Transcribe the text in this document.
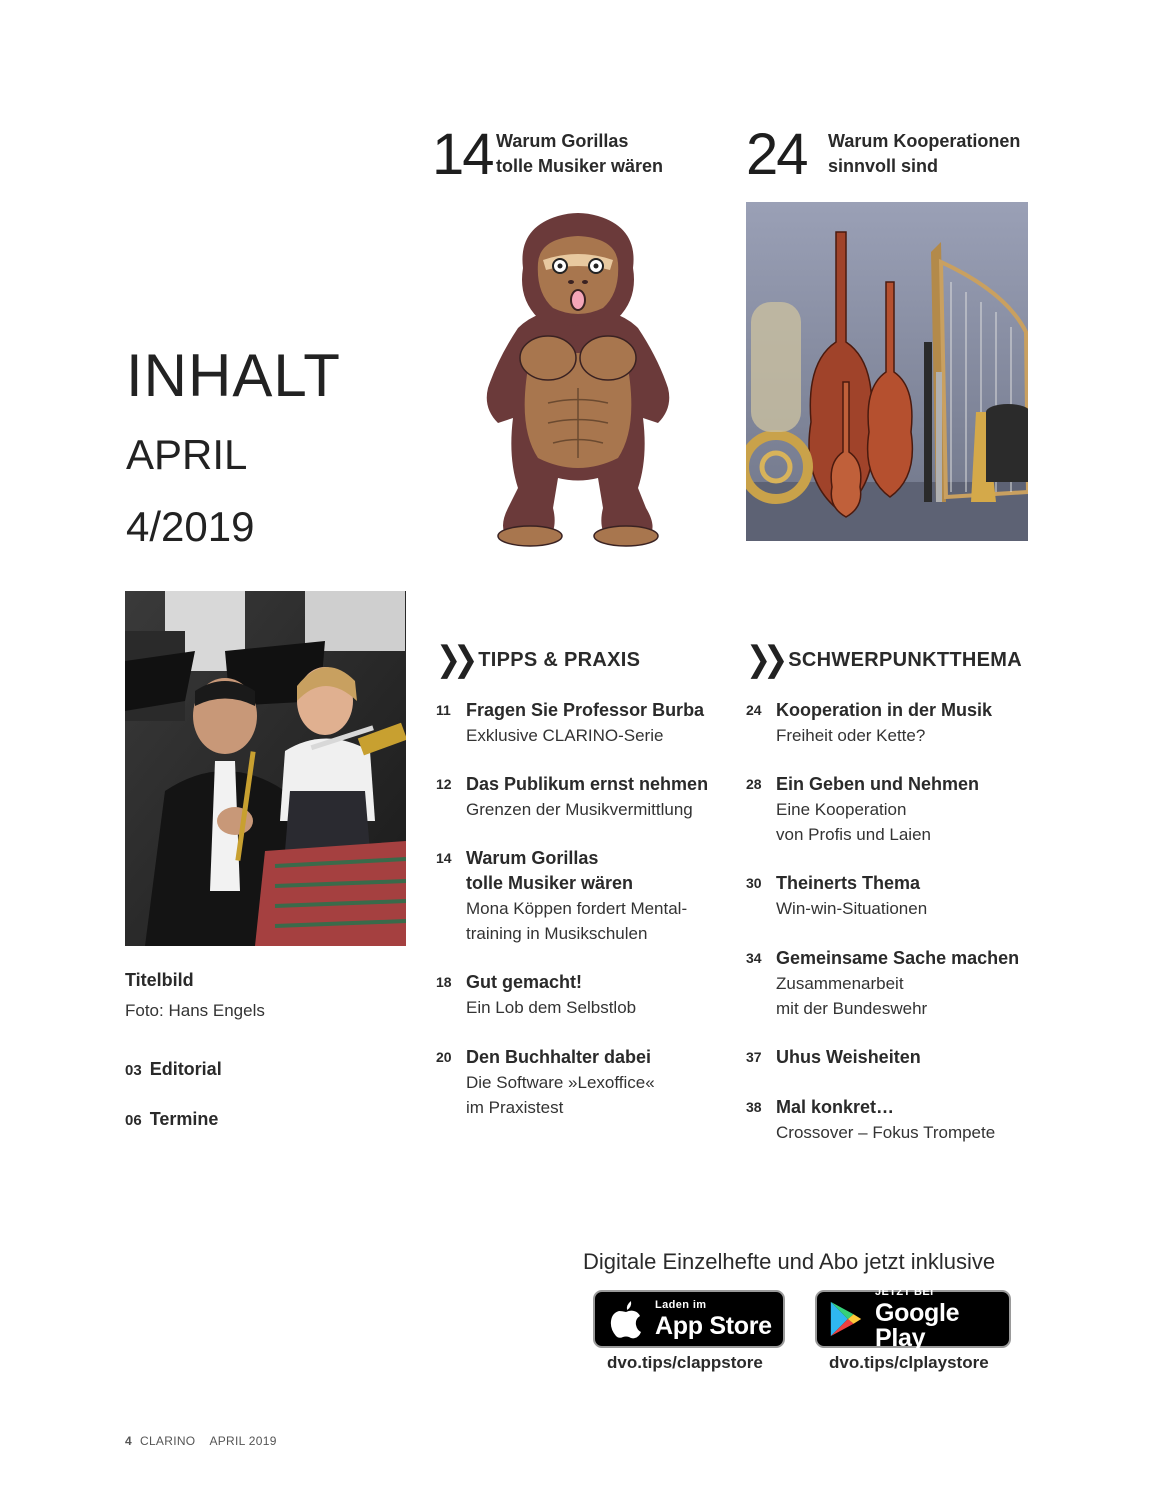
14 Warum Gorillas
tolle Musiker wären 24 Warum Kooperationen
sinnvoll sind
INHALT
APRIL
4/2019
Titelbild
Foto: Hans Engels
03 Editorial
06 Termine
❯❯ TIPPS & PRAXIS
11 Fragen Sie Professor Burba
Exklusive CLARINO-Serie
12 Das Publikum ernst nehmen
Grenzen der Musikvermittlung
14 Warum Gorillas
tolle Musiker wären
Mona Köppen fordert Mental-
training in Musikschulen
18 Gut gemacht!
Ein Lob dem Selbstlob
20 Den Buchhalter dabei
Die Software »Lexoffice«
im Praxistest
❯❯ SCHWERPUNKTTHEMA
24 Kooperation in der Musik
Freiheit oder Kette?
28 Ein Geben und Nehmen
Eine Kooperation
von Profis und Laien
30 Theinerts Thema
Win-win-Situationen
34 Gemeinsame Sache machen
Zusammenarbeit
mit der Bundeswehr
37 Uhus Weisheiten
38 Mal konkret…
Crossover – Fokus Trompete
Digitale Einzelhefte und Abo jetzt inklusive
Laden im
App Store
dvo.tips/clappstore
JETZT BEI
Google Play
dvo.tips/clplaystore
4 CLARINO APRIL 2019
